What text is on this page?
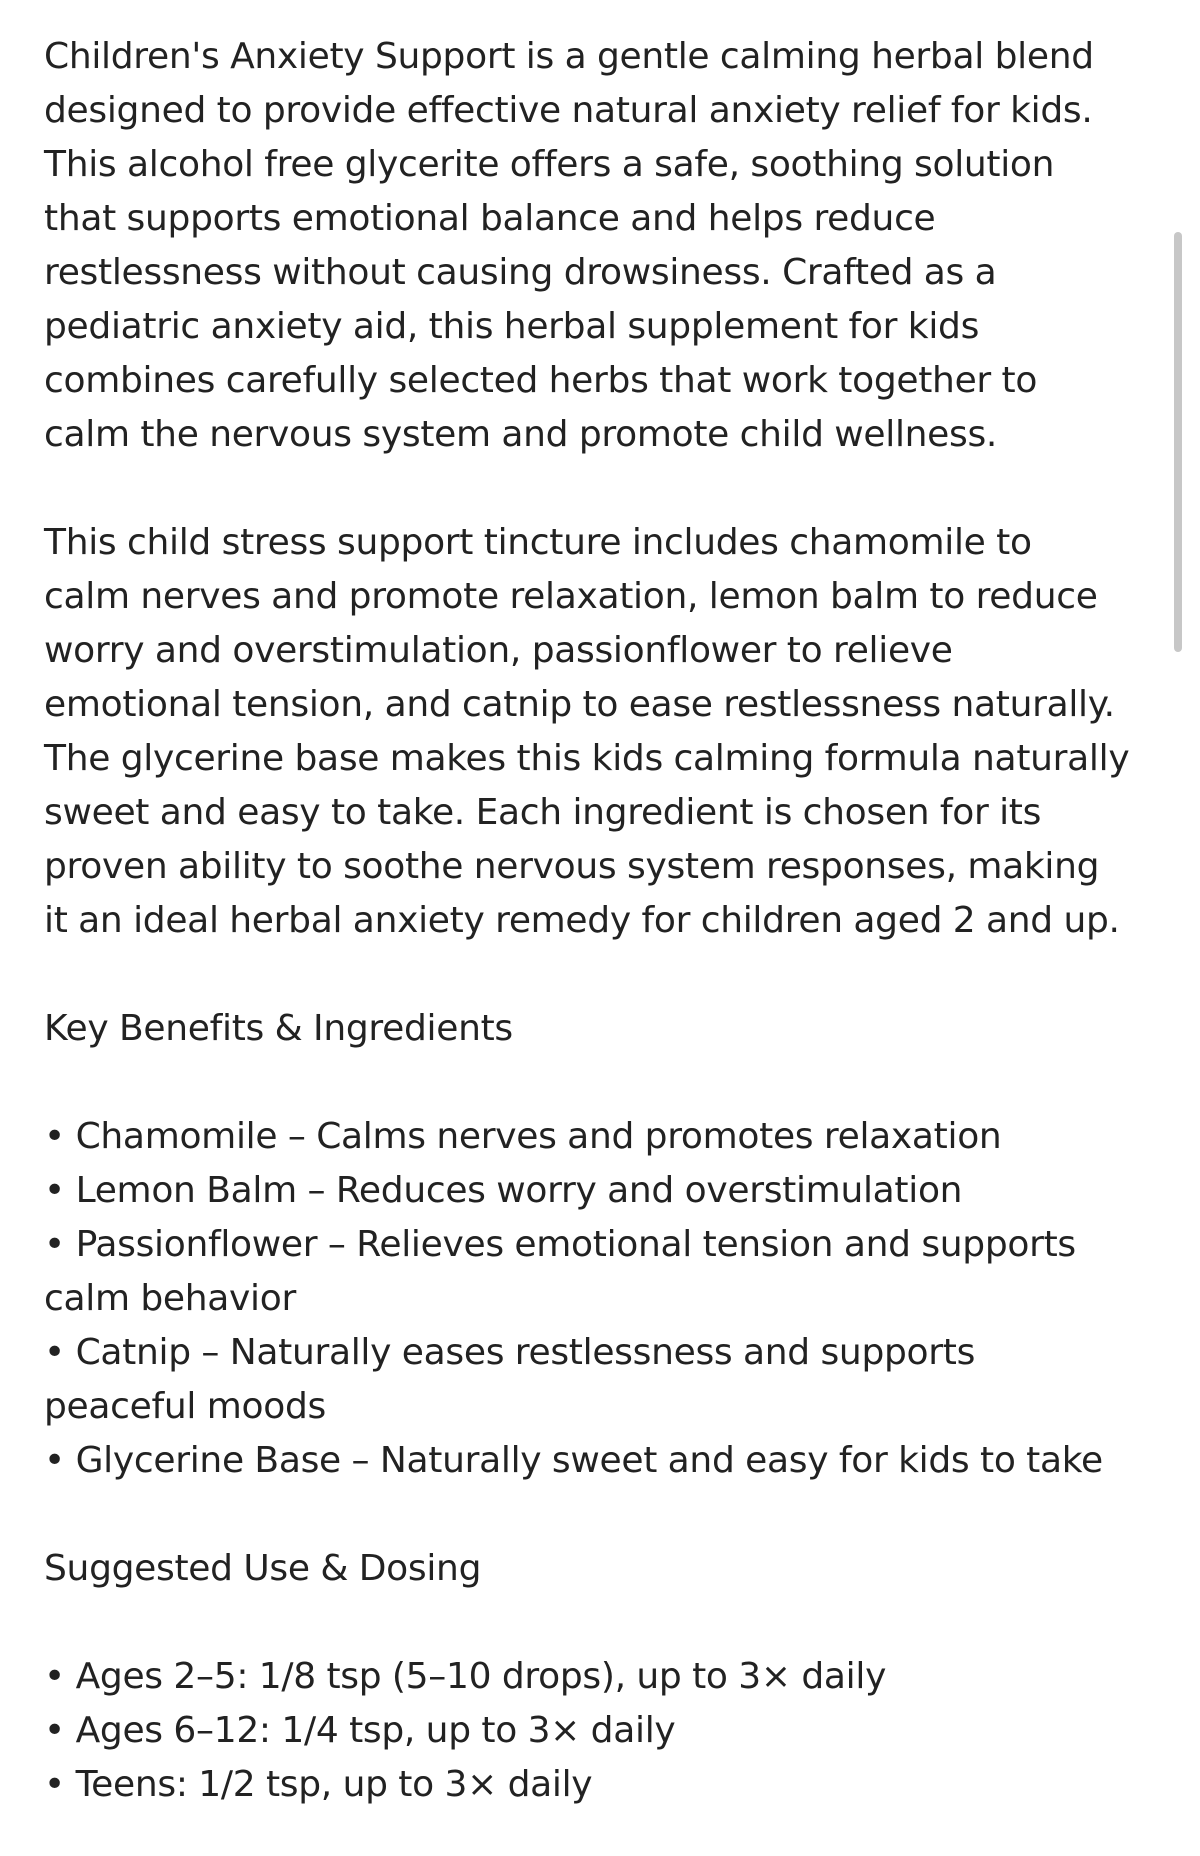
Children's Anxiety Support is a gentle calming herbal blend
designed to provide effective natural anxiety relief for kids.
This alcohol free glycerite offers a safe, soothing solution
that supports emotional balance and helps reduce
restlessness without causing drowsiness. Crafted as a
pediatric anxiety aid, this herbal supplement for kids
combines carefully selected herbs that work together to
calm the nervous system and promote child wellness.

This child stress support tincture includes chamomile to
calm nerves and promote relaxation, lemon balm to reduce
worry and overstimulation, passionflower to relieve
emotional tension, and catnip to ease restlessness naturally.
The glycerine base makes this kids calming formula naturally
sweet and easy to take. Each ingredient is chosen for its
proven ability to soothe nervous system responses, making
it an ideal herbal anxiety remedy for children aged 2 and up.

Key Benefits & Ingredients

• Chamomile – Calms nerves and promotes relaxation
• Lemon Balm – Reduces worry and overstimulation
• Passionflower – Relieves emotional tension and supports
calm behavior
• Catnip – Naturally eases restlessness and supports
peaceful moods
• Glycerine Base – Naturally sweet and easy for kids to take

Suggested Use & Dosing

• Ages 2–5: 1/8 tsp (5–10 drops), up to 3× daily
• Ages 6–12: 1/4 tsp, up to 3× daily
• Teens: 1/2 tsp, up to 3× daily
